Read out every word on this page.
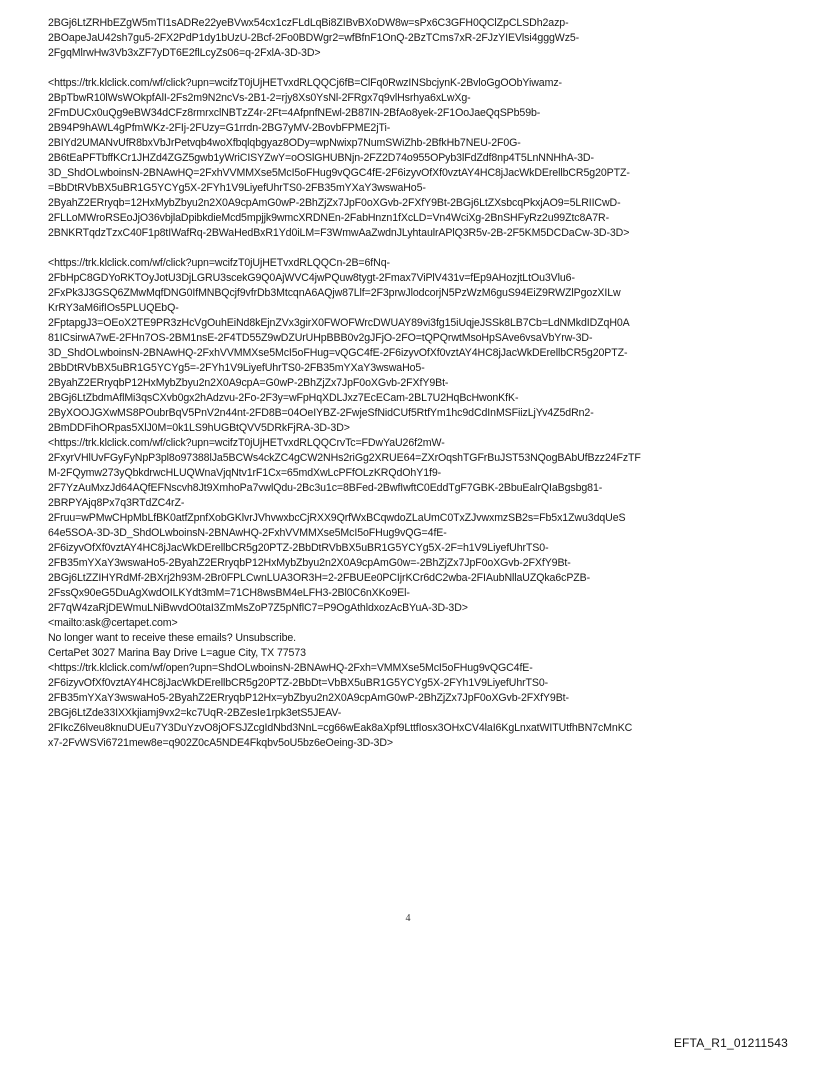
2BGj6LtZRHbEZgW5mTI1sADRe22yeBVwx54cx1czFLdLqBi8ZIBvBXoDW8w=sPx6C3GFH0QClZpCLSDh2azp-
2BOapeJaU42sh7gu5-2FX2PdP1dy1bUzU-2Bcf-2Fo0BDWgr2=wfBfnF1OnQ-2BzTCms7xR-2FJzYIEVlsi4gggWz5-
2FgqMlrwHw3Vb3xZF7yDT6E2flLcyZs06=q-2FxlA-3D-3D>
<https://trk.klclick.com/wf/click?upn=wcifzT0jUjHETvxdRLQQCj6fB=ClFq0RwzINSbcjynK-2BvloGgOObYiwamz-
2BpTbwR10lWsWOkpfAlI-2Fs2m9N2ncVs-2B1-2=rjy8Xs0YsNl-2FRgx7q9vlHsrhya6xLwXg-
2FmDUCx0uQg9eBW34dCFz8rmrxclNBTzZ4r-2Ft=4AfpnfNEwl-2B87IN-2BfAo8yek-2F1OoJaeQqSPb59b-
2B94P9hAWL4gPfmWKz-2FIj-2FUzy=G1rrdn-2BG7yMV-2BovbFPME2jTi-
2BIYd2UMANvUfR8bxVbJrPetvqb4woXfbqlqbgyaz8ODy=wpNwixp7NumSWiZhb-2BfkHb7NEU-2F0G-
2B6tEaPFTbffKCr1JHZd4ZGZ5gwb1yWriCISYZwY=oOSlGHUBNjn-2FZ2D74o955OPyb3lFdZdf8np4T5LnNNHhA-3D-
3D_ShdOLwboinsN-2BNAwHQ=2FxhVVMMXse5McI5oFHug9vQGC4fE-2F6izyvOfXf0vztAY4HC8jJacWkDErellbCR5g20PTZ-
=BbDtRVbBX5uBR1G5YCYg5X-2FYh1V9LiyefUhrTS0-2FB35mYXaY3wswaHo5-
2ByahZ2ERryqb=12HxMybZbyu2n2X0A9cpAmG0wP-2BhZjZx7JpF0oXGvb-2FXfY9Bt-2BGj6LtZXsbcqPkxjAO9=5LRIICwD-
2FLLoMWroRSEoJjO36vbjlaDpibkdieMcd5mpjjk9wmcXRDNEn-2FabHnzn1fXcLD=Vn4WciXg-2BnSHFyRz2u99Ztc8A7R-
2BNKRTqdzTzxC40F1p8tIWafRq-2BWaHedBxR1Yd0iLM=F3WmwAaZwdnJLyhtaulrAPlQ3R5v-2B-2F5KM5DCDaCw-3D-3D>
<https://trk.klclick.com/wf/click?upn=wcifzT0jUjHETvxdRLQQCn-2B=6fNq-
2FbHpC8GDYoRKTOyJotU3DjLGRU3scekG9Q0AjWVC4jwPQuw8tygt-2Fmax7ViPlV431v=fEp9AHozjtLtOu3Vlu6-
2FxPk3J3GSQ6ZMwMqfDNG0IfMNBQcjf9vfrDb3MtcqnA6AQjw87Llf=2F3prwJlodcorjN5PzWzM6guS94EiZ9RWZlPgozXILw
KrRY3aM6ifIOs5PLUQEbQ-
2FptapgJ3=OEoX2TE9PR3zHcVgOuhEiNd8kEjnZVx3girX0FWOFWrcDWUAY89vi3fg15iUqjeJSSk8LB7Cb=LdNMkdIDZqH0A
81ICsirwA7wE-2FHn7OS-2BM1nsE-2F4TD55Z9wDZUrUHpBBB0v2gJFjO-2FO=tQPQrwtMsoHpSAve6vsaVbYrw-3D-
3D_ShdOLwboinsN-2BNAwHQ-2FxhVVMMXse5McI5oFHug=vQGC4fE-2F6izyvOfXf0vztAY4HC8jJacWkDErellbCR5g20PTZ-
2BbDtRVbBX5uBR1G5YCYg5=-2FYh1V9LiyefUhrTS0-2FB35mYXaY3wswaHo5-
2ByahZ2ERryqbP12HxMybZbyu2n2X0A9cpA=G0wP-2BhZjZx7JpF0oXGvb-2FXfY9Bt-
2BGj6LtZbdmAflMi3qsCXvb0gx2hAdzvu-2Fo-2F3y=wFpHqXDLJxz7EcECam-2BL7U2HqBcHwonKfK-
2ByXOOJGXwMS8POubrBqV5PnV2n44nt-2FD8B=04OeIYBZ-2FwjeSfNidCUf5RtfYm1hc9dCdInMSFiizLjYv4Z5dRn2-
2BmDDFihORpas5XlJ0M=0k1LS9hUGBtQVV5DRkFjRA-3D-3D>
<https://trk.klclick.com/wf/click?upn=wcifzT0jUjHETvxdRLQQCrvTc=FDwYaU26f2mW-
2FxyrVHlUvFGyFyNpP3pl8o97388lJa5BCWs4ckZC4gCW2NHs2riGg2XRUE64=ZXrOqshTGFrBuJST53NQogBAbUfBzz24FzTF
M-2FQymw273yQbkdrwcHLUQWnaVjqNtv1rF1Cx=65mdXwLcPFfOLzKRQdOhY1f9-
2F7YzAuMxzJd64AQfEFNscvh8Jt9XmhoPa7vwlQdu-2Bc3u1c=8BFed-2BwfIwftC0EddTgF7GBK-2BbuEalrQIaBgsbg81-
2BRPYAjq8Px7q3RTdZC4rZ-
2Fruu=wPMwCHpMbLfBK0atfZpnfXobGKlvrJVhvwxbcCjRXX9QrfWxBCqwdoZLaUmC0TxZJvwxmzSB2s=Fb5x1Zwu3dqUeS
64e5SOA-3D-3D_ShdOLwboinsN-2BNAwHQ-2FxhVVMMXse5McI5oFHug9vQG=4fE-
2F6izyvOfXf0vztAY4HC8jJacWkDErellbCR5g20PTZ-2BbDtRVbBX5uBR1G5YCYg5X-2F=h1V9LiyefUhrTS0-
2FB35mYXaY3wswaHo5-2ByahZ2ERryqbP12HxMybZbyu2n2X0A9cpAmG0w=-2BhZjZx7JpF0oXGvb-2FXfY9Bt-
2BGj6LtZZIHYRdMf-2BXrj2h93M-2Br0FPLCwnLUA3OR3H=2-2FBUEe0PCIjrKCr6dC2wba-2FIAubNllaUZQka6cPZB-
2FssQx90eG5DuAgXwdOILKYdt3mM=71CH8wsBM4eLFH3-2Bl0C6nXKo9El-
2F7qW4zaRjDEWmuLNiBwvdO0taI3ZmMsZoP7Z5pNflC7=P9OgAthldxozAcBYuA-3D-3D>
<mailto:ask@certapet.com>
No longer want to receive these emails? Unsubscribe.
CertaPet 3027 Marina Bay Drive L=ague City, TX 77573
<https://trk.klclick.com/wf/open?upn=ShdOLwboinsN-2BNAwHQ-2Fxh=VMMXse5McI5oFHug9vQGC4fE-
2F6izyvOfXf0vztAY4HC8jJacWkDErellbCR5g20PTZ-2BbDt=VbBX5uBR1G5YCYg5X-2FYh1V9LiyefUhrTS0-
2FB35mYXaY3wswaHo5-2ByahZ2ERryqbP12Hx=ybZbyu2n2X0A9cpAmG0wP-2BhZjZx7JpF0oXGvb-2FXfY9Bt-
2BGj6LtZde33IXXkjiamj9vx2=kc7UqR-2BZesIe1rpk3etS5JEAV-
2FIkcZ6lveu8knuDUEu7Y3DuYzvO8jOFSJZcgIdNbd3NnL=cg66wEak8aXpf9LttfIosx3OHxCV4laI6KgLnxatWITUtfhBN7cMnKC
x7-2FvWSVi6721mew8e=q902Z0cA5NDE4Fkqbv5oU5bz6eOeing-3D-3D>
4
EFTA_R1_01211543
